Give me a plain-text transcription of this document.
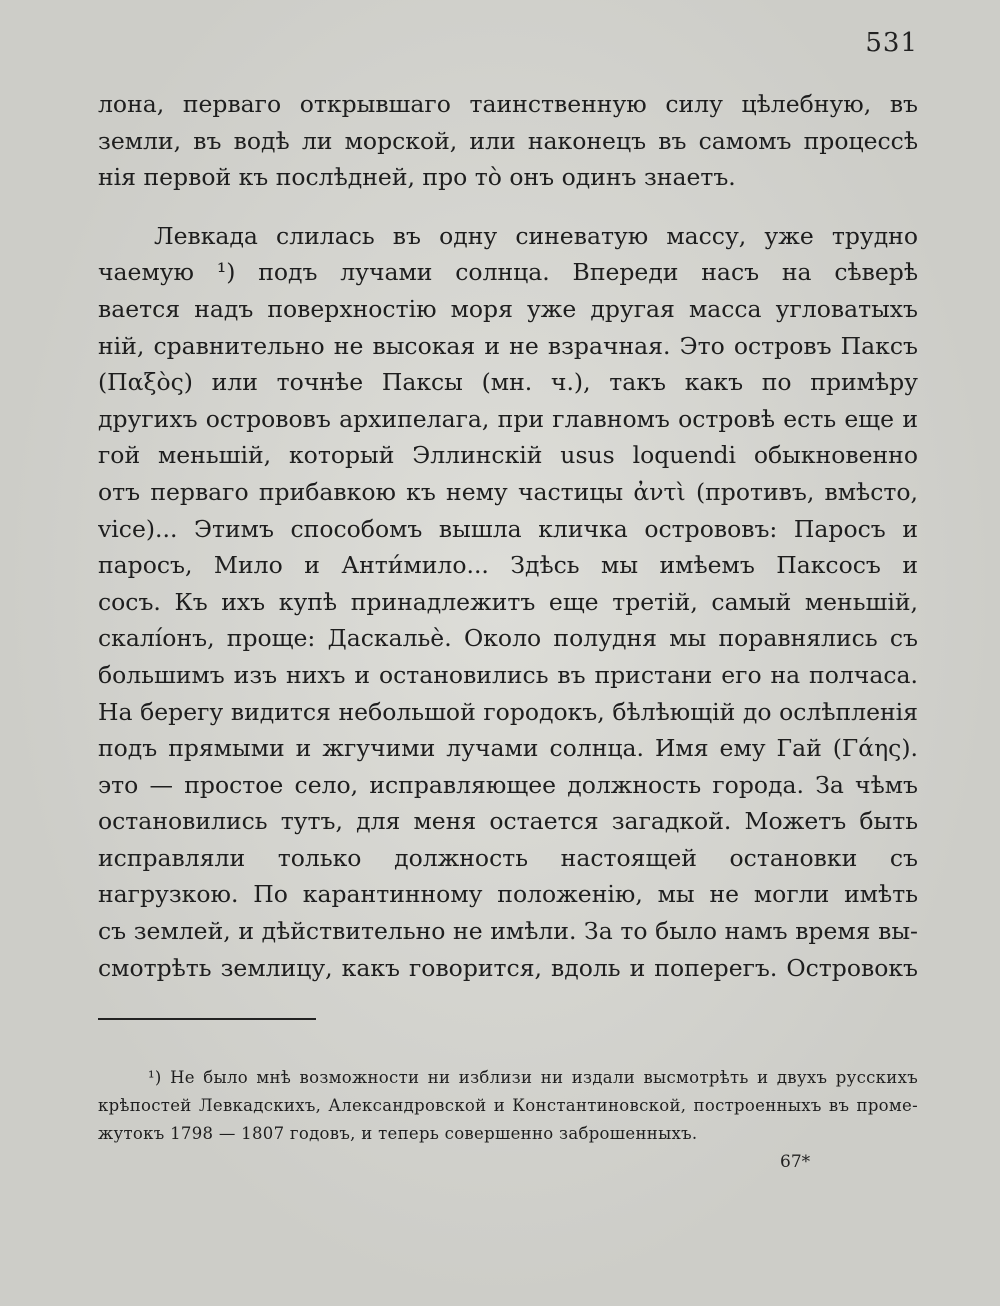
531
лона, перваго открывшаго таинственную силу цѣлебную, въ
земли, въ водѣ ли морской, или наконецъ въ самомъ процессѣ
нія первой къ послѣдней, про то̀ онъ одинъ знаетъ.
Левкада слилась въ одну синеватую массу, уже трудно
чаемую ¹) подъ лучами солнца. Впереди насъ на сѣверѣ
вается надъ поверхностію моря уже другая масса угловатыхъ
ній, сравнительно не высокая и не взрачная. Это островъ Паксъ
(Παξὸς) или точнѣе Паксы (мн. ч.), такъ какъ по примѣру
другихъ острововъ архипелага, при главномъ островѣ есть еще и
гой меньшій, который Эллинскій usus loquendi обыкновенно
отъ перваго прибавкою къ нему частицы ἀντὶ (противъ, вмѣсто,
vice)... Этимъ способомъ вышла кличка острововъ: Паросъ и
паросъ, Мило и Анти́мило... Здѣсь мы имѣемъ Паксосъ и
сосъ. Къ ихъ купѣ принадлежитъ еще третій, самый меньшій,
скалі́онъ, проще: Даскальѐ. Около полудня мы поравнялись съ
большимъ изъ нихъ и остановились въ пристани его на полчаса.
На берегу видится небольшой городокъ, бѣлѣющій до ослѣпленія
подъ прямыми и жгучими лучами солнца. Имя ему Гай (Γάης).
это — простое село, исправляющее должность города. За чѣмъ
остановились тутъ, для меня остается загадкой. Можетъ быть
исправляли только должность настоящей остановки съ
нагрузкою. По карантинному положенію, мы не могли имѣть
съ землей, и дѣйствительно не имѣли. За то было намъ время вы-
смотрѣть землицу, какъ говорится, вдоль и поперегъ. Островокъ
¹) Не было мнѣ возможности ни изблизи ни издали высмотрѣть и двухъ русскихъ
крѣпостей Левкадскихъ, Александровской и Константиновской, построенныхъ въ проме-
жутокъ 1798 — 1807 годовъ, и теперь совершенно заброшенныхъ.
67*
